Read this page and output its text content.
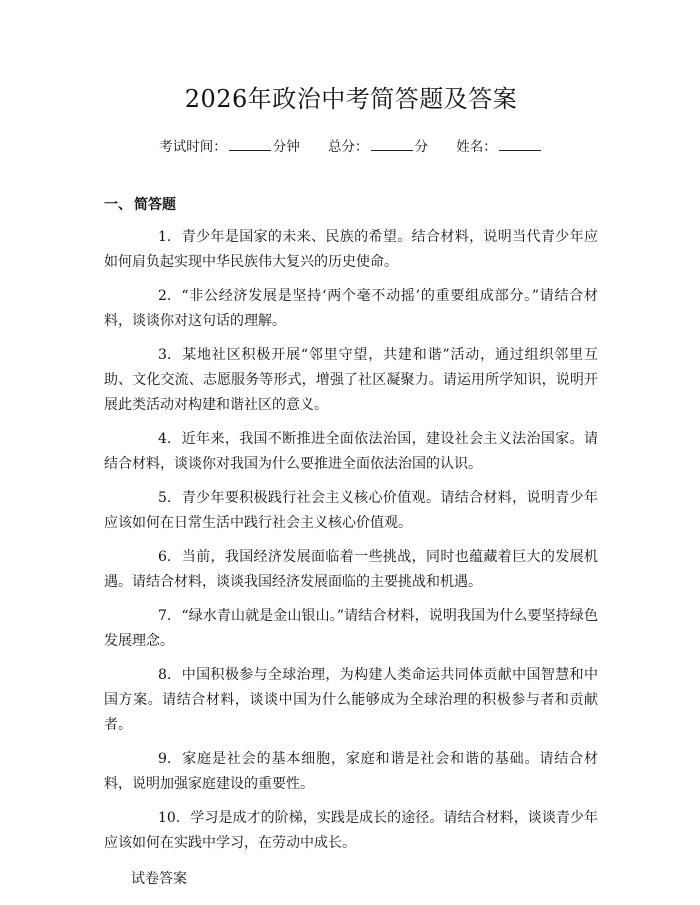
2026年政治中考简答题及答案
考试时间：	分钟 总分：	分 姓名：
一、 简答题

1. 青少年是国家的未来、民族的希望。结合材料，说明当代青少年应如何肩负起实现中华民族伟大复兴的历史使命。

2. “非公经济发展是坚持‘两个毫不动摇’的重要组成部分。”请结合材料，谈谈你对这句话的理解。

3. 某地社区积极开展“邻里守望，共建和谐”活动，通过组织邻里互助、文化交流、志愿服务等形式，增强了社区凝聚力。请运用所学知识，说明开展此类活动对构建和谐社区的意义。

4. 近年来，我国不断推进全面依法治国，建设社会主义法治国家。请结合材料，谈谈你对我国为什么要推进全面依法治国的认识。

5. 青少年要积极践行社会主义核心价值观。请结合材料，说明青少年应该如何在日常生活中践行社会主义核心价值观。

6. 当前，我国经济发展面临着一些挑战，同时也蕴藏着巨大的发展机遇。请结合材料，谈谈我国经济发展面临的主要挑战和机遇。

7. “绿水青山就是金山银山。”请结合材料，说明我国为什么要坚持绿色发展理念。

8. 中国积极参与全球治理，为构建人类命运共同体贡献中国智慧和中国方案。请结合材料，谈谈中国为什么能够成为全球治理的积极参与者和贡献者。

9. 家庭是社会的基本细胞，家庭和谐是社会和谐的基础。请结合材料，说明加强家庭建设的重要性。

10. 学习是成才的阶梯，实践是成长的途径。请结合材料，谈谈青少年应该如何在实践中学习，在劳动中成长。

试卷答案
